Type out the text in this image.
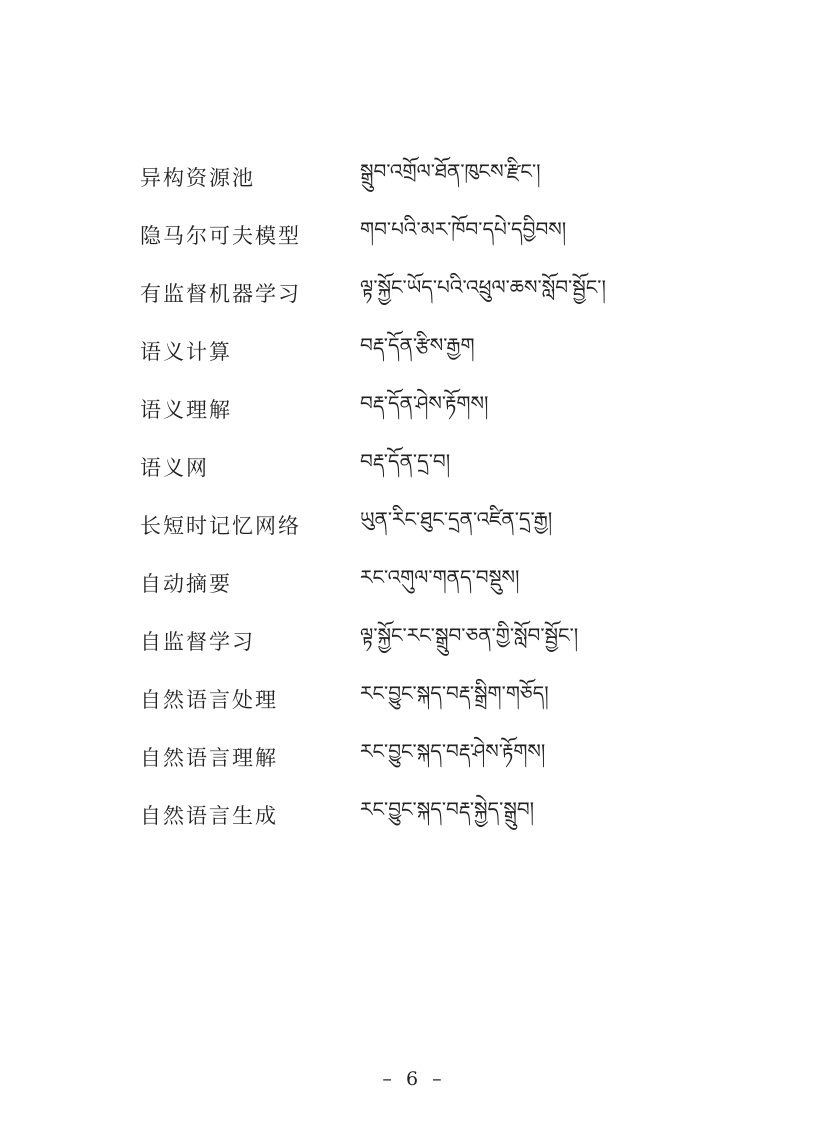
异构资源池	སྒྲུབ་འགྲོལ་ཐོན་ཁུངས་རྫིང་།
隐马尔可夫模型	གབ་པའི་མར་ཁོབ་དཔེ་དབྱིབས།
有监督机器学习	ལྟ་སྐྱོང་ཡོད་པའི་འཕྲུལ་ཆས་སློབ་སྦྱོང་།
语义计算	བརྡ་དོན་རྩིས་རྒྱག
语义理解	བརྡ་དོན་ཤེས་རྟོགས།
语义网	བརྡ་དོན་དྲ་བ།
长短时记忆网络	ཡུན་རིང་ཐུང་དྲན་འཛིན་དྲ་རྒྱ།
自动摘要	རང་འགུལ་གནད་བསྡུས།
自监督学习	ལྟ་སྐྱོང་རང་སྒྲུབ་ཅན་གྱི་སློབ་སྦྱོང་།
自然语言处理	རང་བྱུང་སྐད་བརྡ་སྒྲིག་གཅོད།
自然语言理解	རང་བྱུང་སྐད་བརྡ་ཤེས་རྟོགས།
自然语言生成	རང་བྱུང་སྐད་བརྡ་སྐྱེད་སྒྲུབ།
– 6 –
